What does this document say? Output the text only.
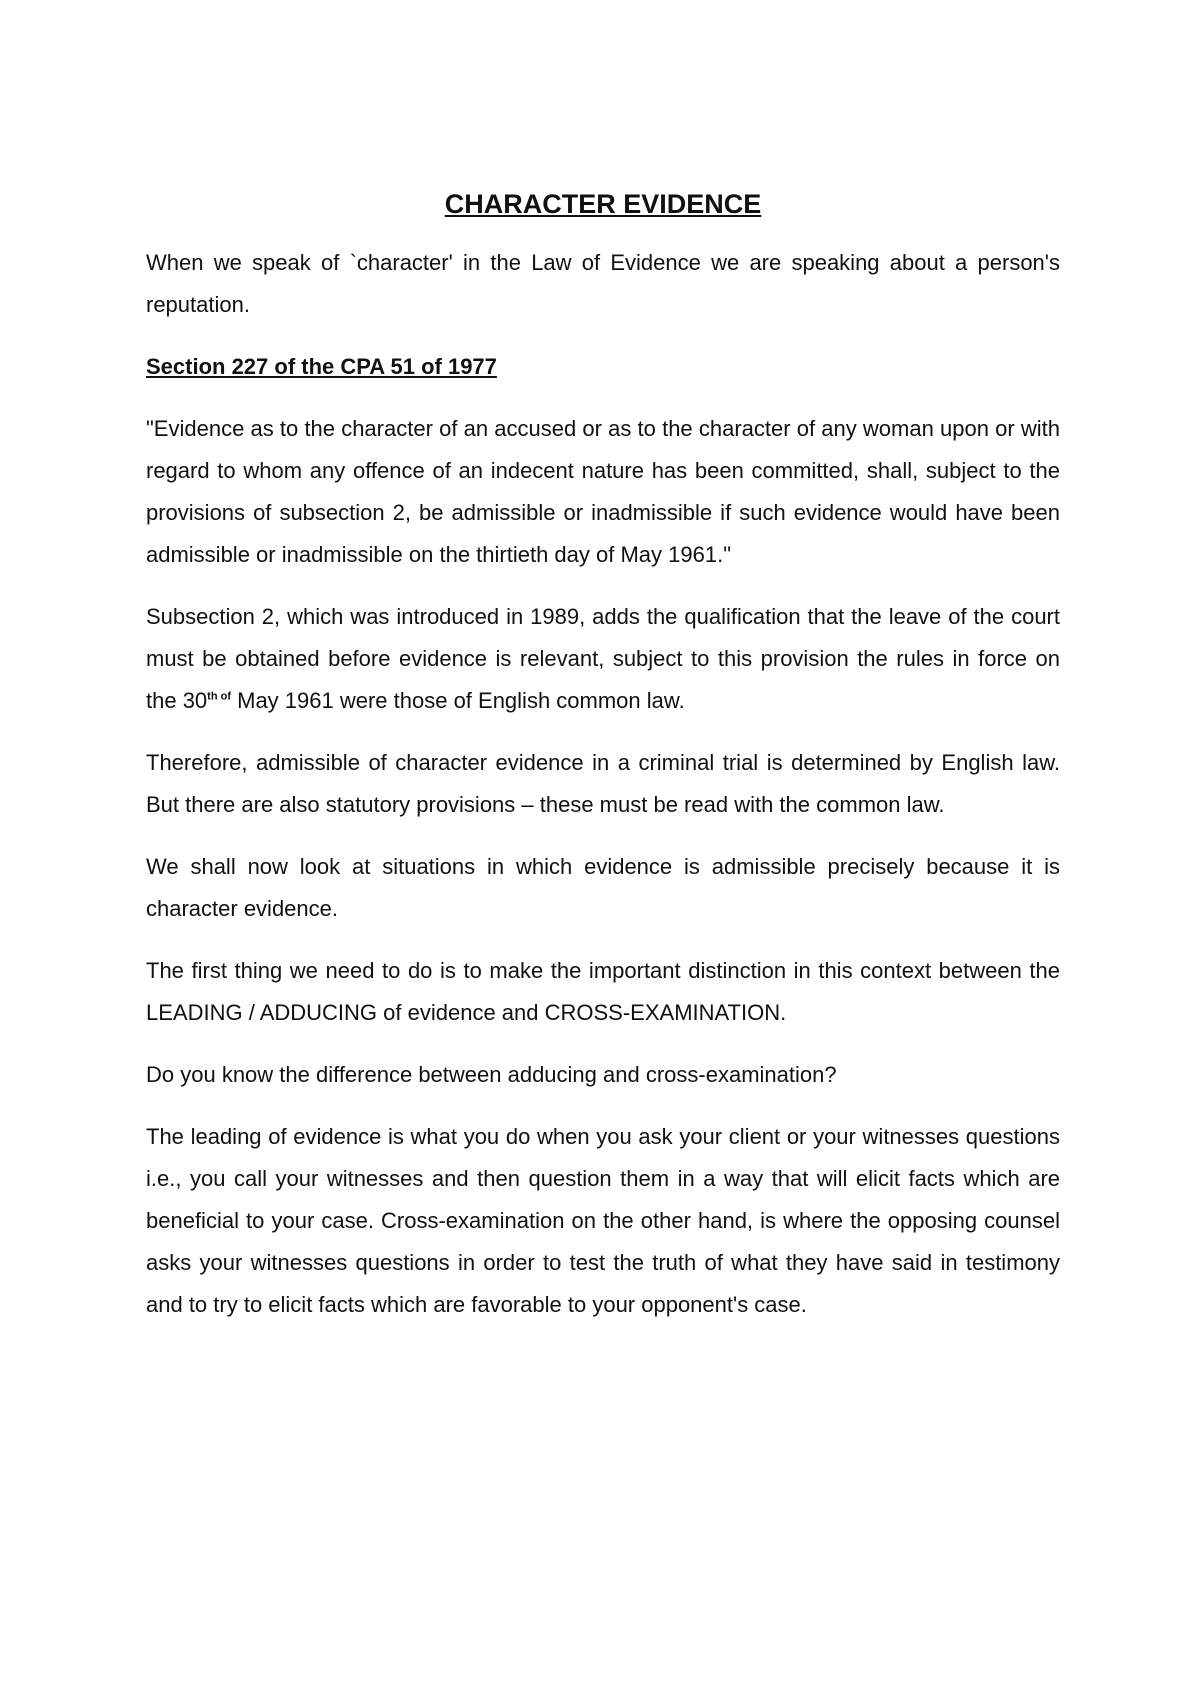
CHARACTER EVIDENCE

When we speak of `character' in the Law of Evidence we are speaking about a person's reputation.

Section 227 of the CPA 51 of 1977

"Evidence as to the character of an accused or as to the character of any woman upon or with regard to whom any offence of an indecent nature has been committed, shall, subject to the provisions of subsection 2, be admissible or inadmissible if such evidence would have been admissible or inadmissible on the thirtieth day of May 1961."

Subsection 2, which was introduced in 1989, adds the qualification that the leave of the court must be obtained before evidence is relevant, subject to this provision the rules in force on the $30^{th of}$ May 1961 were those of English common law.

Therefore, admissible of character evidence in a criminal trial is determined by English law. But there are also statutory provisions – these must be read with the common law.

We shall now look at situations in which evidence is admissible precisely because it is character evidence.

The first thing we need to do is to make the important distinction in this context between the LEADING / ADDUCING of evidence and CROSS-EXAMINATION.

Do you know the difference between adducing and cross-examination?

The leading of evidence is what you do when you ask your client or your witnesses questions i.e., you call your witnesses and then question them in a way that will elicit facts which are beneficial to your case. Cross-examination on the other hand, is where the opposing counsel asks your witnesses questions in order to test the truth of what they have said in testimony and to try to elicit facts which are favorable to your opponent's case.
